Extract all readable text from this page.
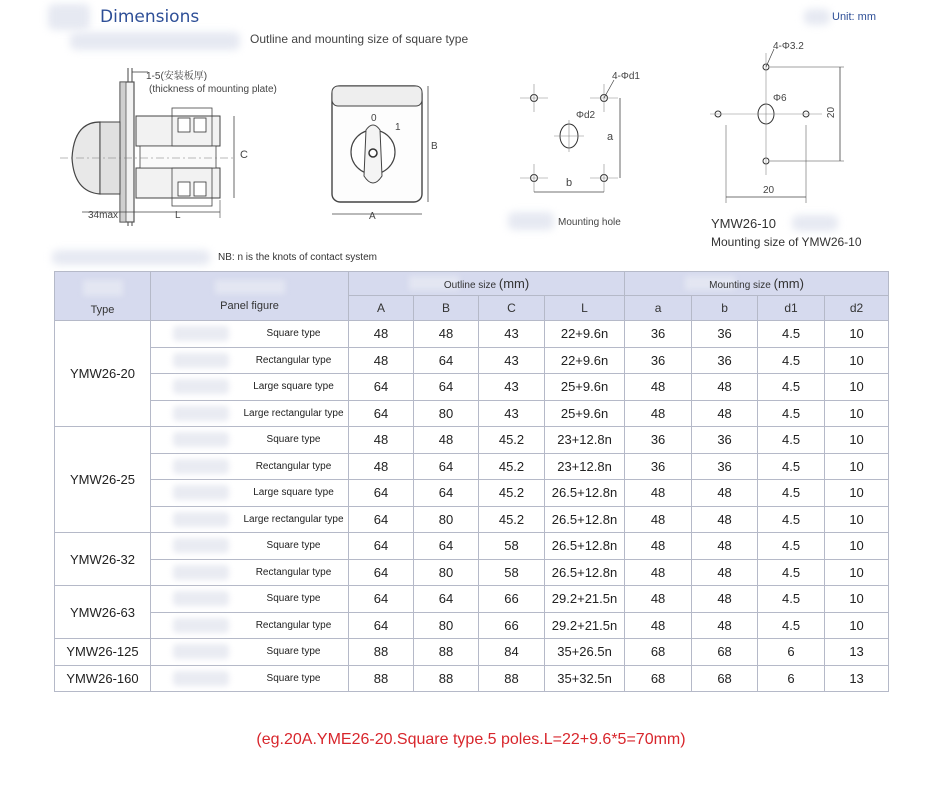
Dimensions
Outline and mounting size of square type
Unit: mm
1-5(安装板厚)
(thickness of mounting plate)
34max	L
C
0
1
B
A
4-Φd1
Φd2
a
b
Mounting hole
4-Φ3.2
Φ6
20
20
YMW26-10
Mounting size of YMW26-10
NB: n is the knots of contact system
Type	Panel figure	Outline size (mm)				Mounting size (mm)			
		A	B	C	L	a	b	d1	d2
YMW26-20	Square type	48	48	43	22+9.6n	36	36	4.5	10

Rectangular type	48	64	43	22+9.6n	36	36	4.5	10

Large square type	64	64	43	25+9.6n	48	48	4.5	10

Large rectangular type	64	80	43	25+9.6n	48	48	4.5	10
YMW26-25	Square type	48	48	45.2	23+12.8n	36	36	4.5	10

Rectangular type	48	64	45.2	23+12.8n	36	36	4.5	10

Large square type	64	64	45.2	26.5+12.8n	48	48	4.5	10

Large rectangular type	64	80	45.2	26.5+12.8n	48	48	4.5	10
YMW26-32	Square type	64	64	58	26.5+12.8n	48	48	4.5	10

Rectangular type	64	80	58	26.5+12.8n	48	48	4.5	10
YMW26-63	Square type	64	64	66	29.2+21.5n	48	48	4.5	10

Rectangular type	64	80	66	29.2+21.5n	48	48	4.5	10
YMW26-125	Square type	88	88	84	35+26.5n	68	68	6	13
YMW26-160	Square type	88	88	88	35+32.5n	68	68	6	13
(eg.20A.YME26-20.Square type.5 poles.L=22+9.6*5=70mm)
